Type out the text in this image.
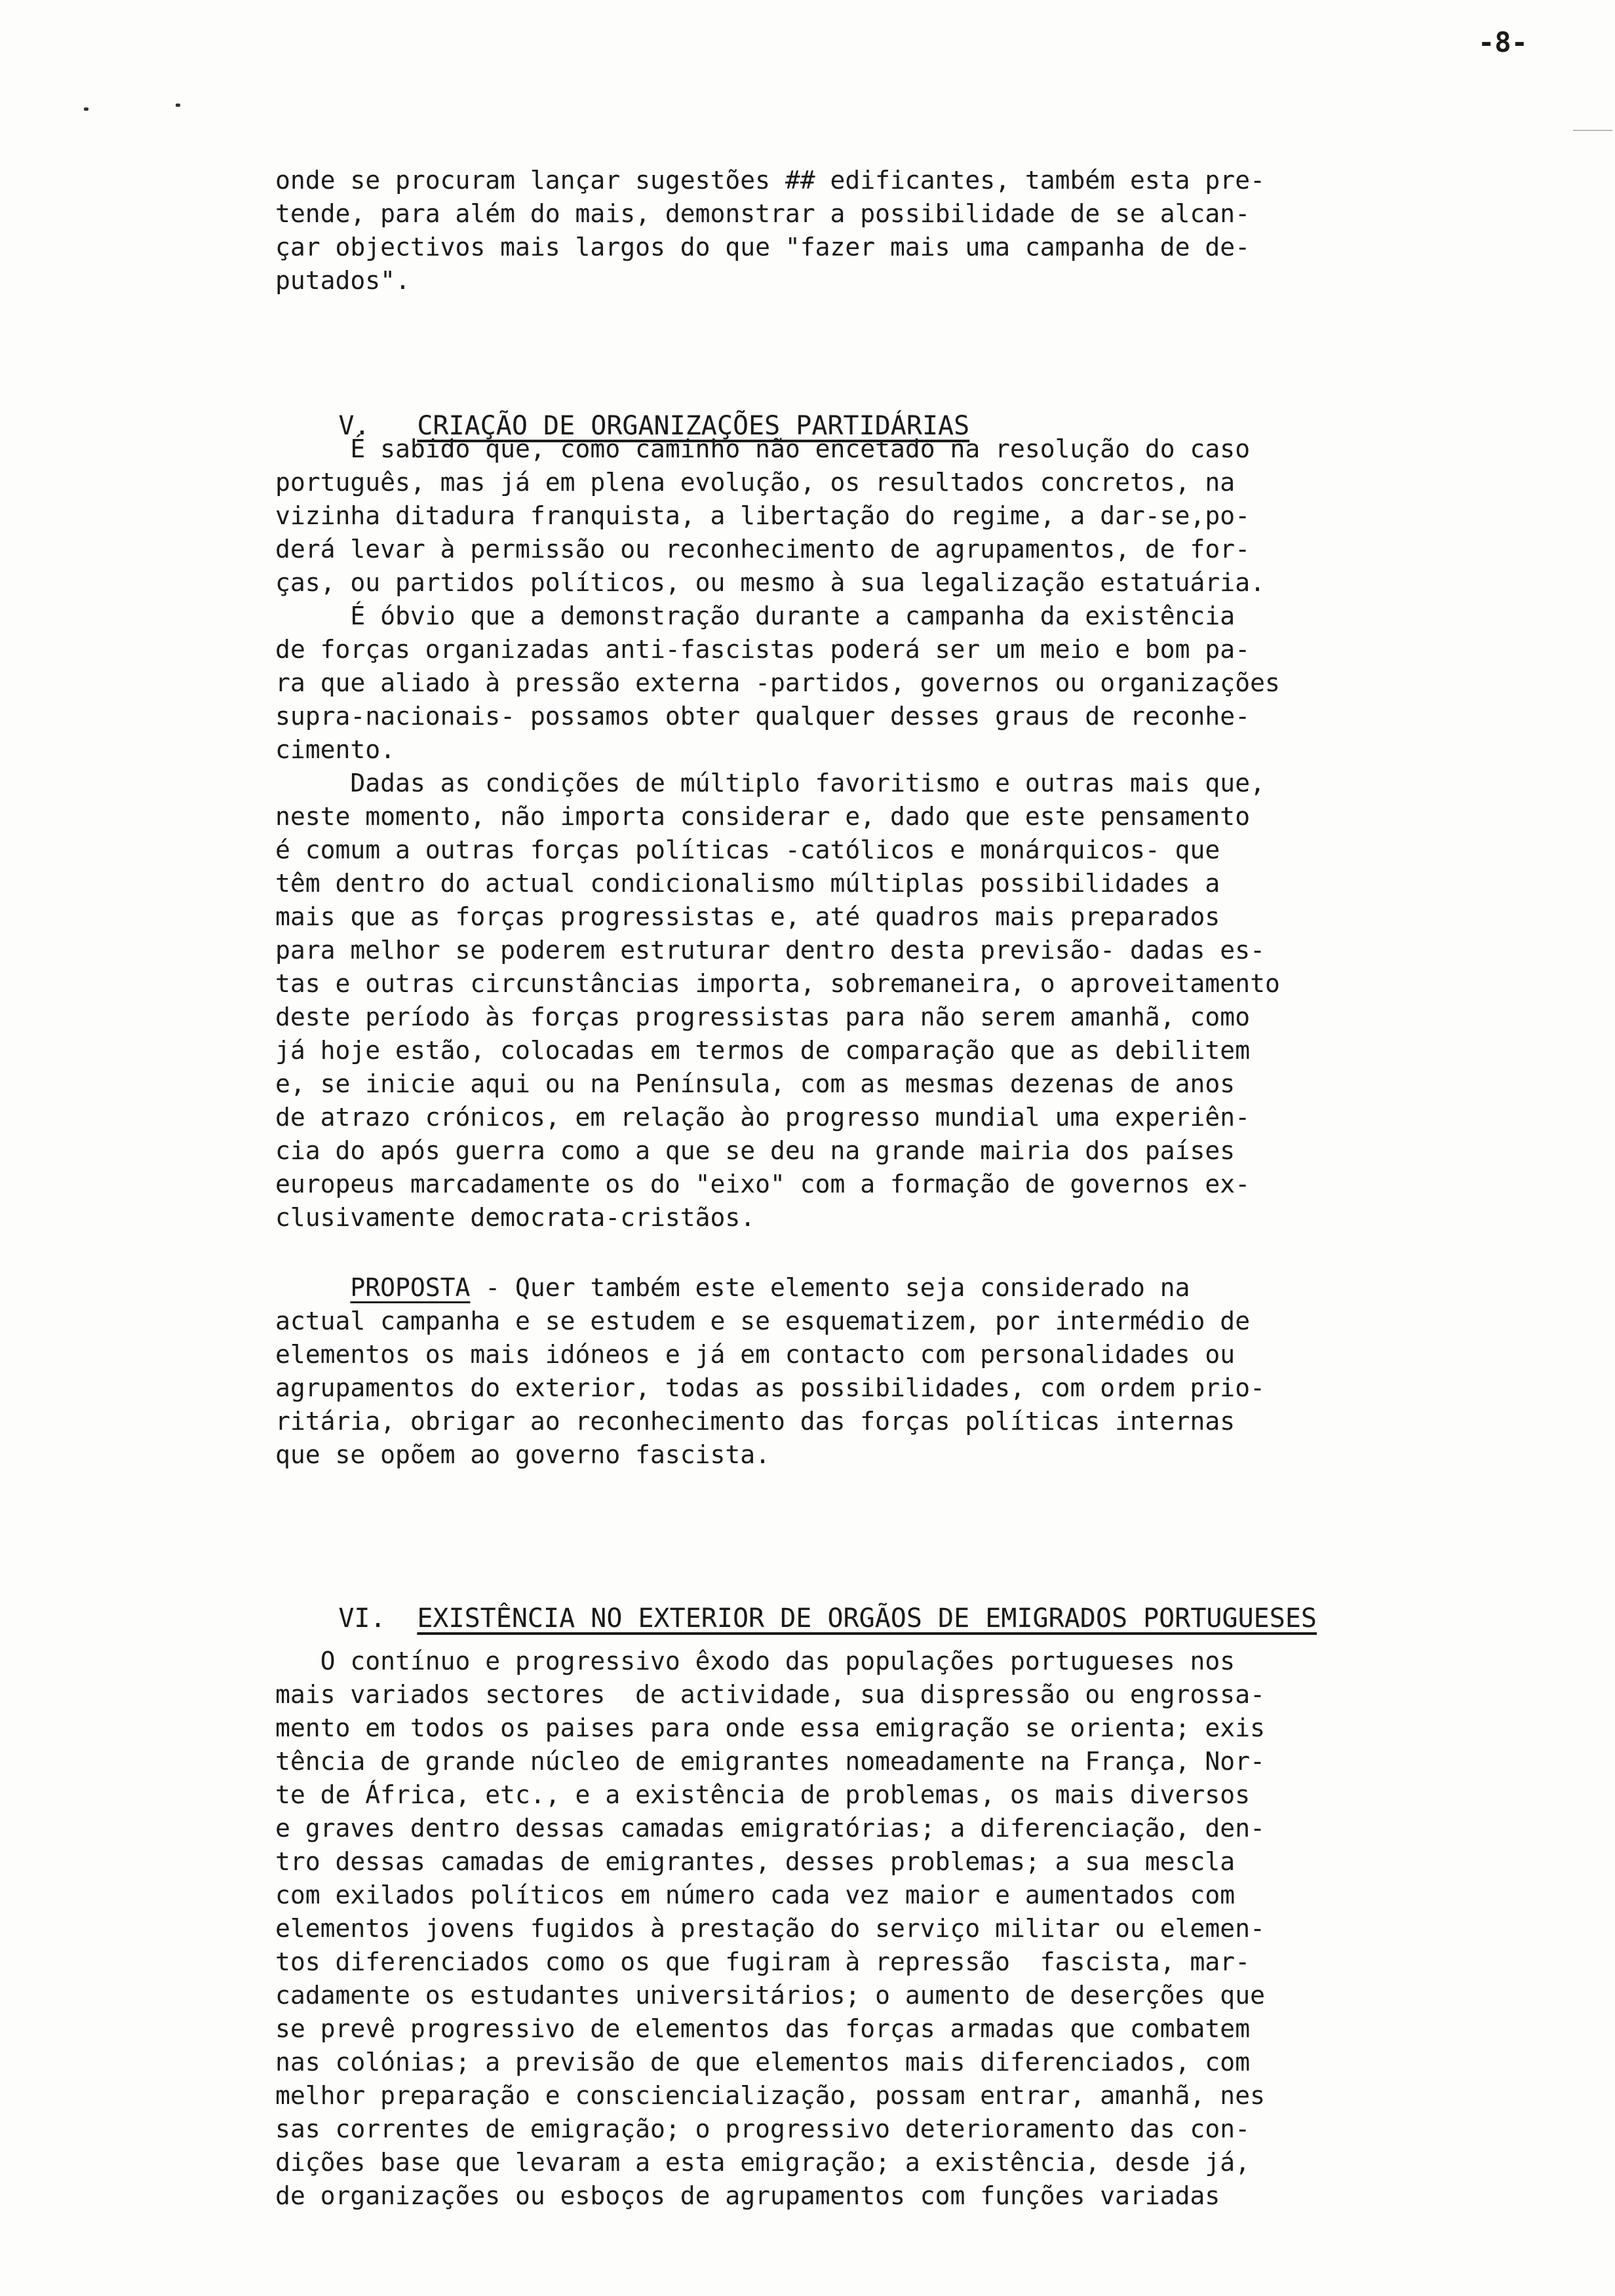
-8-
onde se procuram lançar sugestões ## edificantes, também esta pre-
tende, para além do mais, demonstrar a possibilidade de se alcan-
çar objectivos mais largos do que "fazer mais uma campanha de de-
putados".

V. CRIAÇÃO DE ORGANIZAÇÕES PARTIDÁRIAS

É sabido que, como caminho não encetado na resolução do caso
português, mas já em plena evolução, os resultados concretos, na
vizinha ditadura franquista, a libertação do regime, a dar-se,po-
derá levar à permissão ou reconhecimento de agrupamentos, de for-
ças, ou partidos políticos, ou mesmo à sua legalização estatuária.
É óbvio que a demonstração durante a campanha da existência
de forças organizadas anti-fascistas poderá ser um meio e bom pa-
ra que aliado à pressão externa -partidos, governos ou organizações
supra-nacionais- possamos obter qualquer desses graus de reconhe-
cimento.
Dadas as condições de múltiplo favoritismo e outras mais que,
neste momento, não importa considerar e, dado que este pensamento
é comum a outras forças políticas -católicos e monárquicos- que
têm dentro do actual condicionalismo múltiplas possibilidades a
mais que as forças progressistas e, até quadros mais preparados
para melhor se poderem estruturar dentro desta previsão- dadas es-
tas e outras circunstâncias importa, sobremaneira, o aproveitamento
deste período às forças progressistas para não serem amanhã, como
já hoje estão, colocadas em termos de comparação que as debilitem
e, se inicie aqui ou na Península, com as mesmas dezenas de anos
de atrazo crónicos, em relação ào progresso mundial uma experiên-
cia do após guerra como a que se deu na grande mairia dos países
europeus marcadamente os do "eixo" com a formação de governos ex-
clusivamente democrata-cristãos.
PROPOSTA - Quer também este elemento seja considerado na
actual campanha e se estudem e se esquematizem, por intermédio de
elementos os mais idóneos e já em contacto com personalidades ou
agrupamentos do exterior, todas as possibilidades, com ordem prio-
ritária, obrigar ao reconhecimento das forças políticas internas
que se opõem ao governo fascista.

VI. EXISTÊNCIA NO EXTERIOR DE ORGÃOS DE EMIGRADOS PORTUGUESES

O contínuo e progressivo êxodo das populações portugueses nos
mais variados sectores  de actividade, sua dispressão ou engrossa-
mento em todos os paises para onde essa emigração se orienta; exis
tência de grande núcleo de emigrantes nomeadamente na França, Nor-
te de África, etc., e a existência de problemas, os mais diversos
e graves dentro dessas camadas emigratórias; a diferenciação, den-
tro dessas camadas de emigrantes, desses problemas; a sua mescla
com exilados políticos em número cada vez maior e aumentados com
elementos jovens fugidos à prestação do serviço militar ou elemen-
tos diferenciados como os que fugiram à repressão  fascista, mar-
cadamente os estudantes universitários; o aumento de deserções que
se prevê progressivo de elementos das forças armadas que combatem
nas colónias; a previsão de que elementos mais diferenciados, com
melhor preparação e consciencialização, possam entrar, amanhã, nes
sas correntes de emigração; o progressivo deterioramento das con-
dições base que levaram a esta emigração; a existência, desde já,
de organizações ou esboços de agrupamentos com funções variadas
